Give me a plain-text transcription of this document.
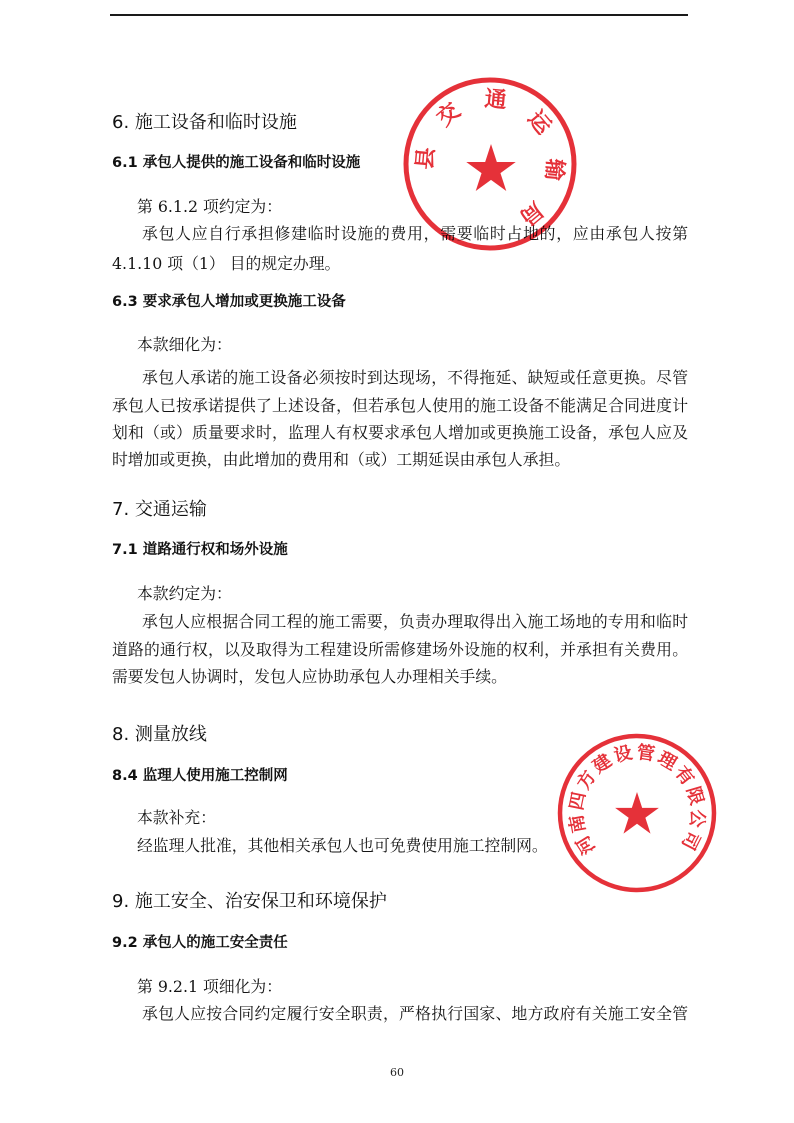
6. 施工设备和临时设施
6.1 承包人提供的施工设备和临时设施
第 6.1.2 项约定为：
承包人应自行承担修建临时设施的费用，需要临时占地的，应由承包人按第
4.1.10 项（1） 目的规定办理。
6.3 要求承包人增加或更换施工设备
本款细化为：
承包人承诺的施工设备必须按时到达现场，不得拖延、缺短或任意更换。尽管
承包人已按承诺提供了上述设备，但若承包人使用的施工设备不能满足合同进度计
划和（或）质量要求时，监理人有权要求承包人增加或更换施工设备，承包人应及
时增加或更换，由此增加的费用和（或）工期延误由承包人承担。
7. 交通运输
7.1 道路通行权和场外设施
本款约定为：
承包人应根据合同工程的施工需要，负责办理取得出入施工场地的专用和临时
道路的通行权，以及取得为工程建设所需修建场外设施的权利，并承担有关费用。
需要发包人协调时，发包人应协助承包人办理相关手续。
8. 测量放线
8.4 监理人使用施工控制网
本款补充：
经监理人批准，其他相关承包人也可免费使用施工控制网。
9. 施工安全、治安保卫和环境保护
9.2 承包人的施工安全责任
第 9.2.1 项细化为：
承包人应按合同约定履行安全职责，严格执行国家、地方政府有关施工安全管
60
县
交 通
运
输
局
河
南
四
方
建
设 管
理
有
限
公
司
